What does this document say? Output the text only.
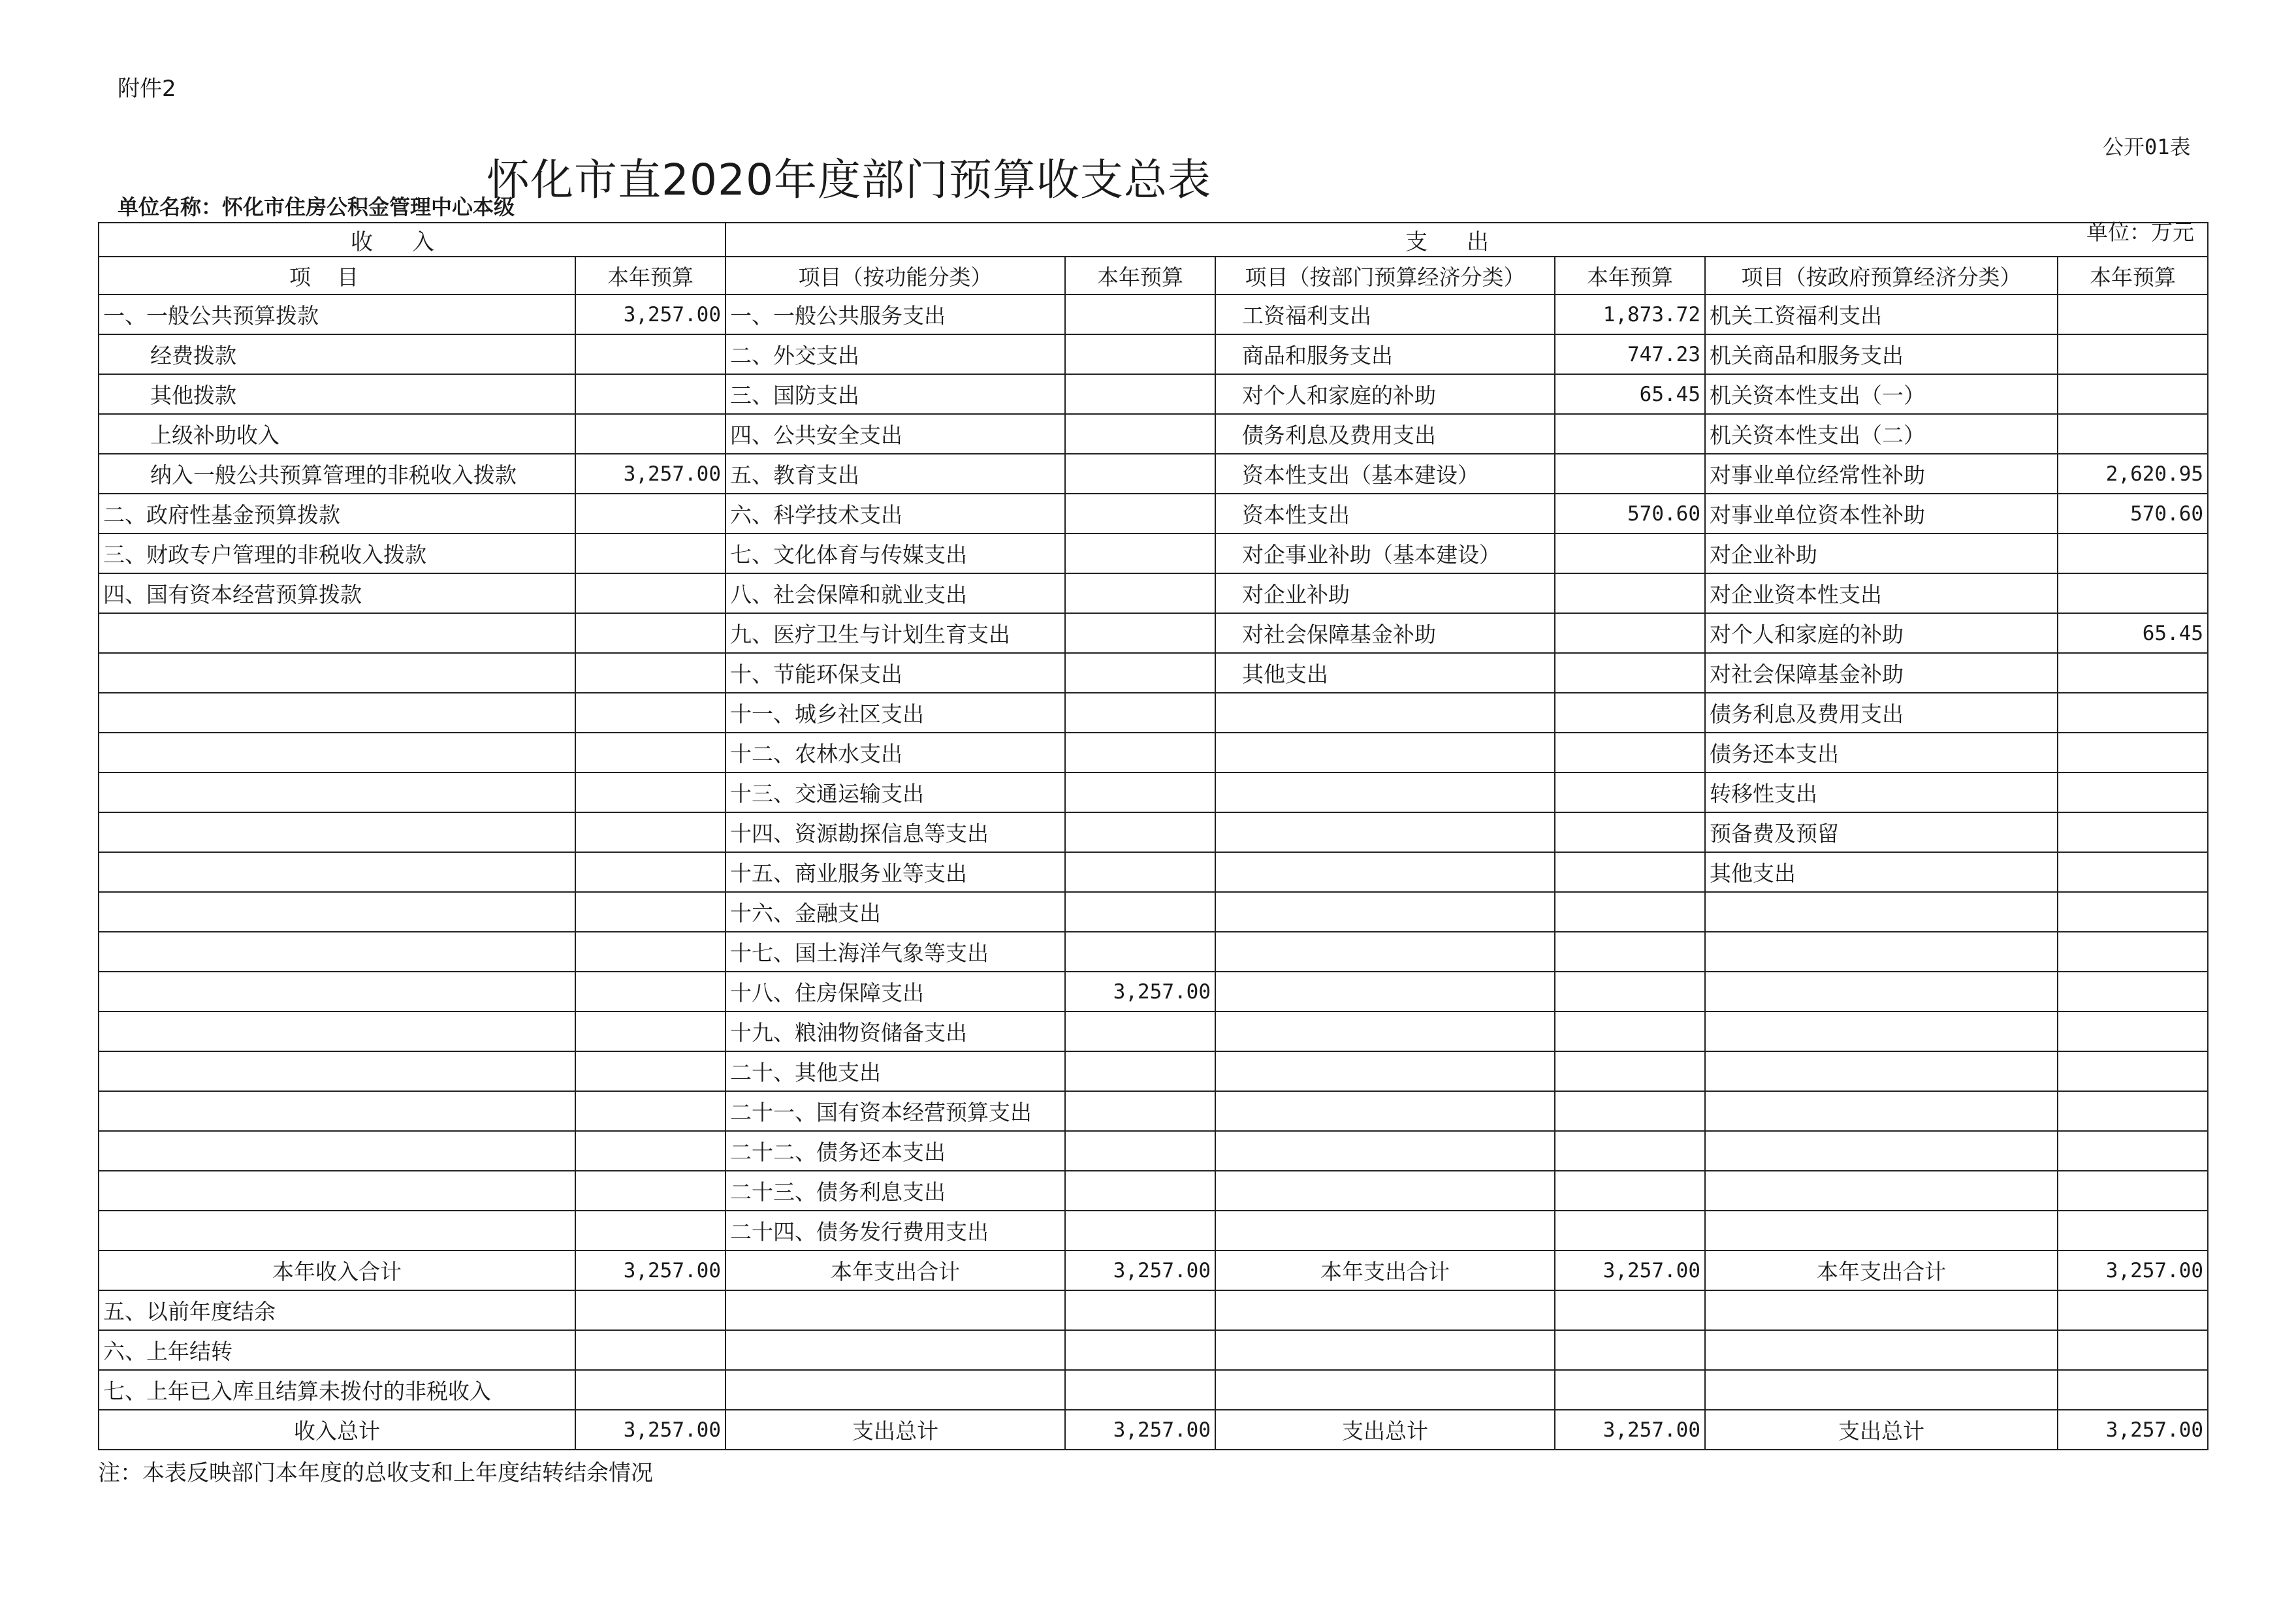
附件2
怀化市直2020年度部门预算收支总表
公开01表
单位名称：怀化市住房公积金管理中心本级
单位：万元
收入		支出					
项目	本年预算	项目（按功能分类）	本年预算	项目（按部门预算经济分类）	本年预算	项目（按政府预算经济分类）	本年预算
一、一般公共预算拨款	3,257.00	一、一般公共服务支出		工资福利支出	1,873.72	机关工资福利支出	
经费拨款		二、外交支出		商品和服务支出	747.23	机关商品和服务支出	
其他拨款		三、国防支出		对个人和家庭的补助	65.45	机关资本性支出（一）	
上级补助收入		四、公共安全支出		债务利息及费用支出		机关资本性支出（二）	
纳入一般公共预算管理的非税收入拨款	3,257.00	五、教育支出		资本性支出（基本建设）		对事业单位经常性补助	2,620.95
二、政府性基金预算拨款		六、科学技术支出		资本性支出	570.60	对事业单位资本性补助	570.60
三、财政专户管理的非税收入拨款		七、文化体育与传媒支出		对企事业补助（基本建设）		对企业补助	
四、国有资本经营预算拨款		八、社会保障和就业支出		对企业补助		对企业资本性支出	
		九、医疗卫生与计划生育支出		对社会保障基金补助		对个人和家庭的补助	65.45
		十、节能环保支出		其他支出		对社会保障基金补助	
		十一、城乡社区支出				债务利息及费用支出	
		十二、农林水支出				债务还本支出	
		十三、交通运输支出				转移性支出	
		十四、资源勘探信息等支出				预备费及预留	
		十五、商业服务业等支出				其他支出	
		十六、金融支出					
		十七、国土海洋气象等支出					
		十八、住房保障支出	3,257.00				
		十九、粮油物资储备支出					
		二十、其他支出					
		二十一、国有资本经营预算支出					
		二十二、债务还本支出					
		二十三、债务利息支出					
		二十四、债务发行费用支出					
本年收入合计	3,257.00	本年支出合计	3,257.00	本年支出合计	3,257.00	本年支出合计	3,257.00
五、以前年度结余							
六、上年结转							
七、上年已入库且结算未拨付的非税收入							
收入总计	3,257.00	支出总计	3,257.00	支出总计	3,257.00	支出总计	3,257.00
注：本表反映部门本年度的总收支和上年度结转结余情况
